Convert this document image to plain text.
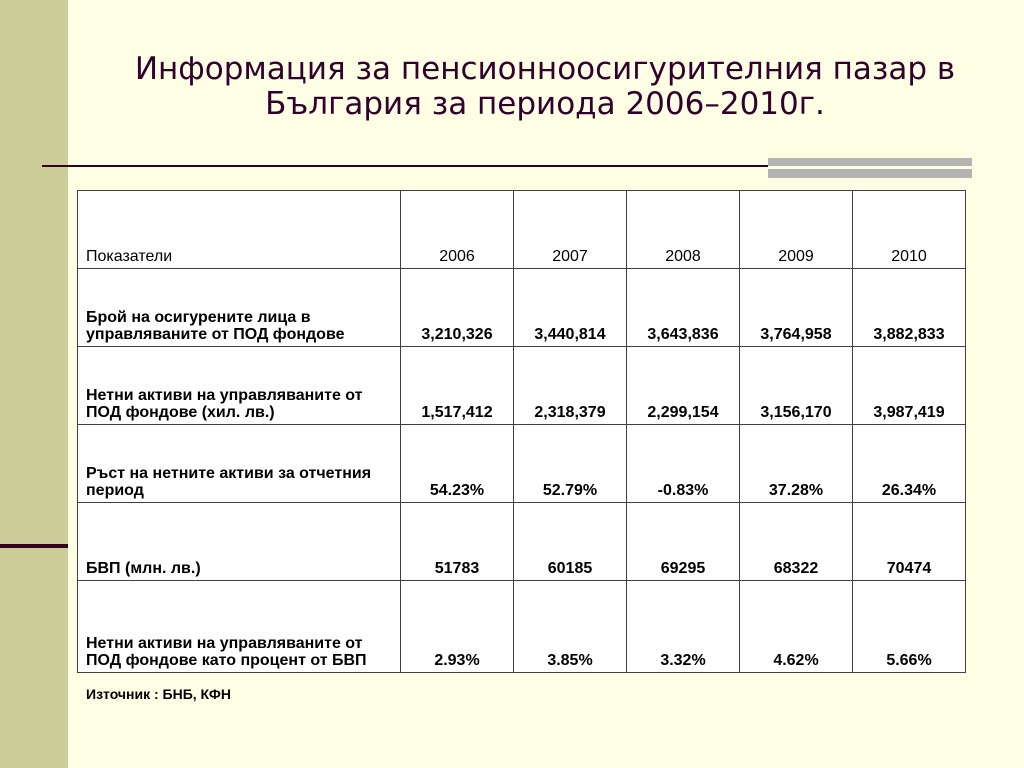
Информация за пенсионноосигурителния пазар в
България за периода 2006–2010г.
Показатели	2006	2007	2008	2009	2010
Брой на осигурените лица в управляваните от ПОД фондове	3,210,326	3,440,814	3,643,836	3,764,958	3,882,833
Нетни активи на управляваните от ПОД фондове (хил. лв.)	1,517,412	2,318,379	2,299,154	3,156,170	3,987,419
Ръст на нетните активи за отчетния период	54.23%	52.79%	-0.83%	37.28%	26.34%
БВП (млн. лв.)	51783	60185	69295	68322	70474
Нетни активи на управляваните от ПОД фондове като процент от БВП	2.93%	3.85%	3.32%	4.62%	5.66%
Източник : БНБ, КФН
